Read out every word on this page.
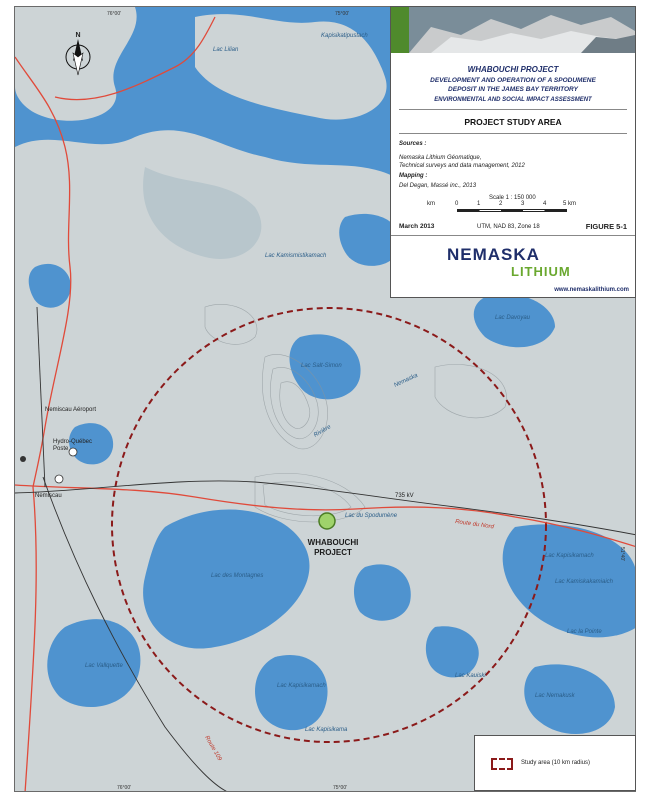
N
Lac Lilian
Kapisikatipustach
Lac Kamismistikamach
Lac Davoyau
Lac Salt-Simon
Rivière
Nemaska
Nemiscau Aéroport
Hydro-Québec
Poste
Nemiscau
Lac du Spodumène
WHABOUCHI
PROJECT
Route du Nord
735 kV
Lac des Montagnes
Lac Vallquette
Lac Kapisikamach
Lac Kapisikamach
Lac la Pointe
Lac Nemakusk
Lac Kauiski
Lac Kamiskakamiaich
Lac Kapisikama
Route 109
76°00'	75°00'
76°00'	75°00'
51°40'
WHABOUCHI PROJECT
DEVELOPMENT AND OPERATION OF A SPODUMENE
DEPOSIT IN THE JAMES BAY TERRITORY
ENVIRONMENTAL AND SOCIAL IMPACT ASSESSMENT
PROJECT STUDY AREA
Sources :
Nemaska Lithium Géomatique,
Technical surveys and data management, 2012
Mapping :
Del Degan, Massé inc., 2013
Scale 1 : 150 000
km	0	1	2	3	4	5 km
March 2013	UTM, NAD 83, Zone 18	FIGURE 5-1
NEMASKA
LITHIUM
www.nemaskalithium.com
Study area (10 km radius)
